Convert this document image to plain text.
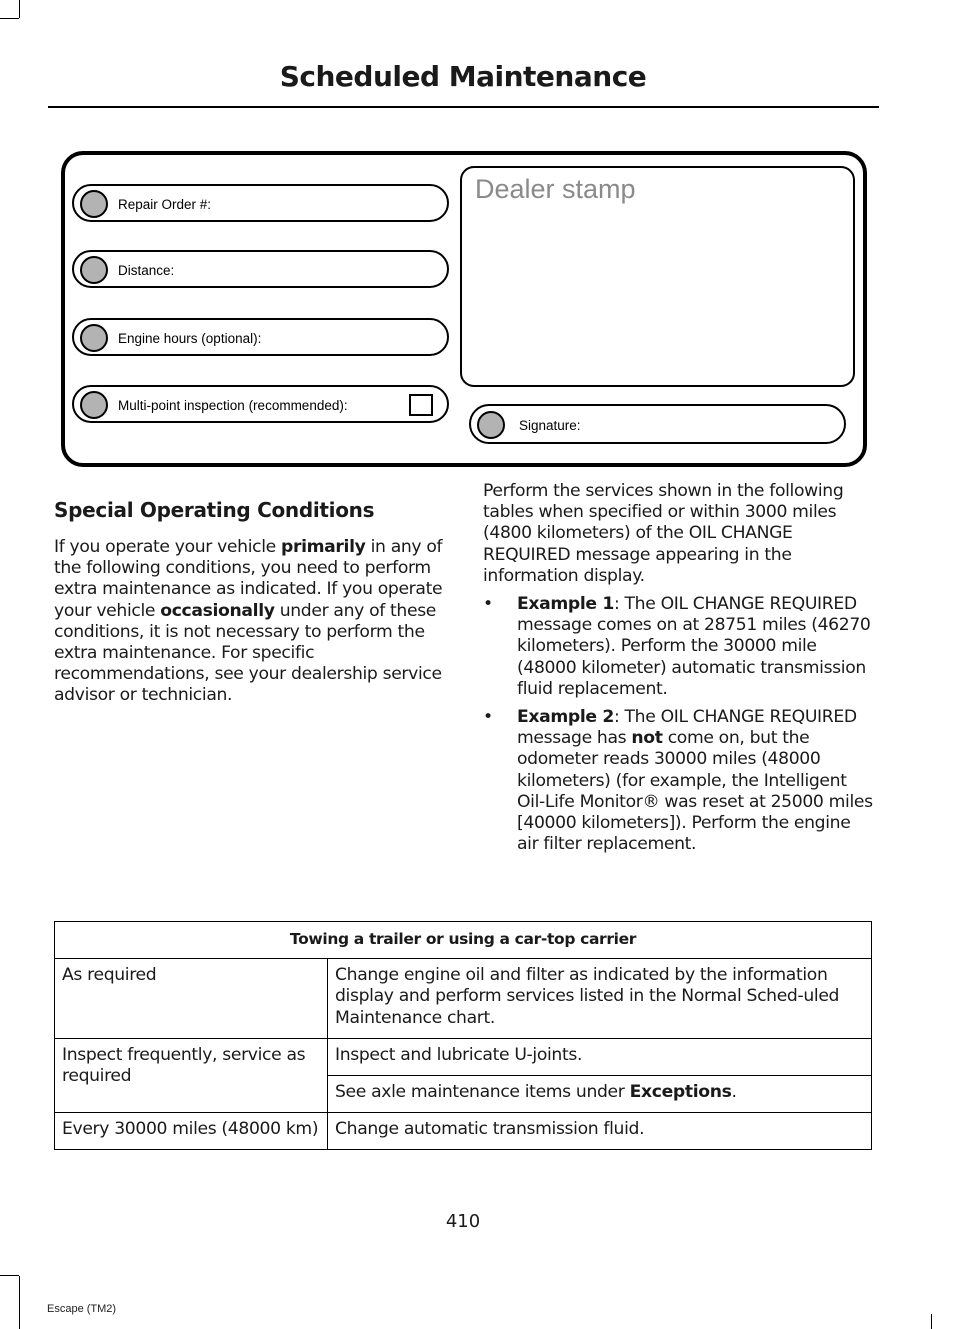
Scheduled Maintenance
Repair Order #:
Distance:
Engine hours (optional):
Multi-point inspection (recommended):
Dealer stamp
Signature:
Special Operating Conditions

If you operate your vehicle primarily in any of the following conditions, you need to perform extra maintenance as indicated. If you operate your vehicle occasionally under any of these conditions, it is not necessary to perform the extra maintenance. For specific recommendations, see your dealership service advisor or technician.

Perform the services shown in the following tables when specified or within 3000 miles (4800 kilometers) of the OIL CHANGE REQUIRED message appearing in the information display.

• Example 1: The OIL CHANGE REQUIRED message comes on at 28751 miles (46270 kilometers). Perform the 30000 mile (48000 kilometer) automatic transmission fluid replacement.
• Example 2: The OIL CHANGE REQUIRED message has not come on, but the odometer reads 30000 miles (48000 kilometers) (for example, the Intelligent Oil-Life Monitor® was reset at 25000 miles [40000 kilometers]). Perform the engine air filter replacement.
Towing a trailer or using a car-top carrier	
As required	Change engine oil and filter as indicated by the information display and perform services listed in the Normal Sched-uled Maintenance chart.
Inspect frequently, service as required	Inspect and lubricate U-joints.
	See axle maintenance items under Exceptions.
Every 30000 miles (48000 km)	Change automatic transmission fluid.
410
Escape (TM2)
